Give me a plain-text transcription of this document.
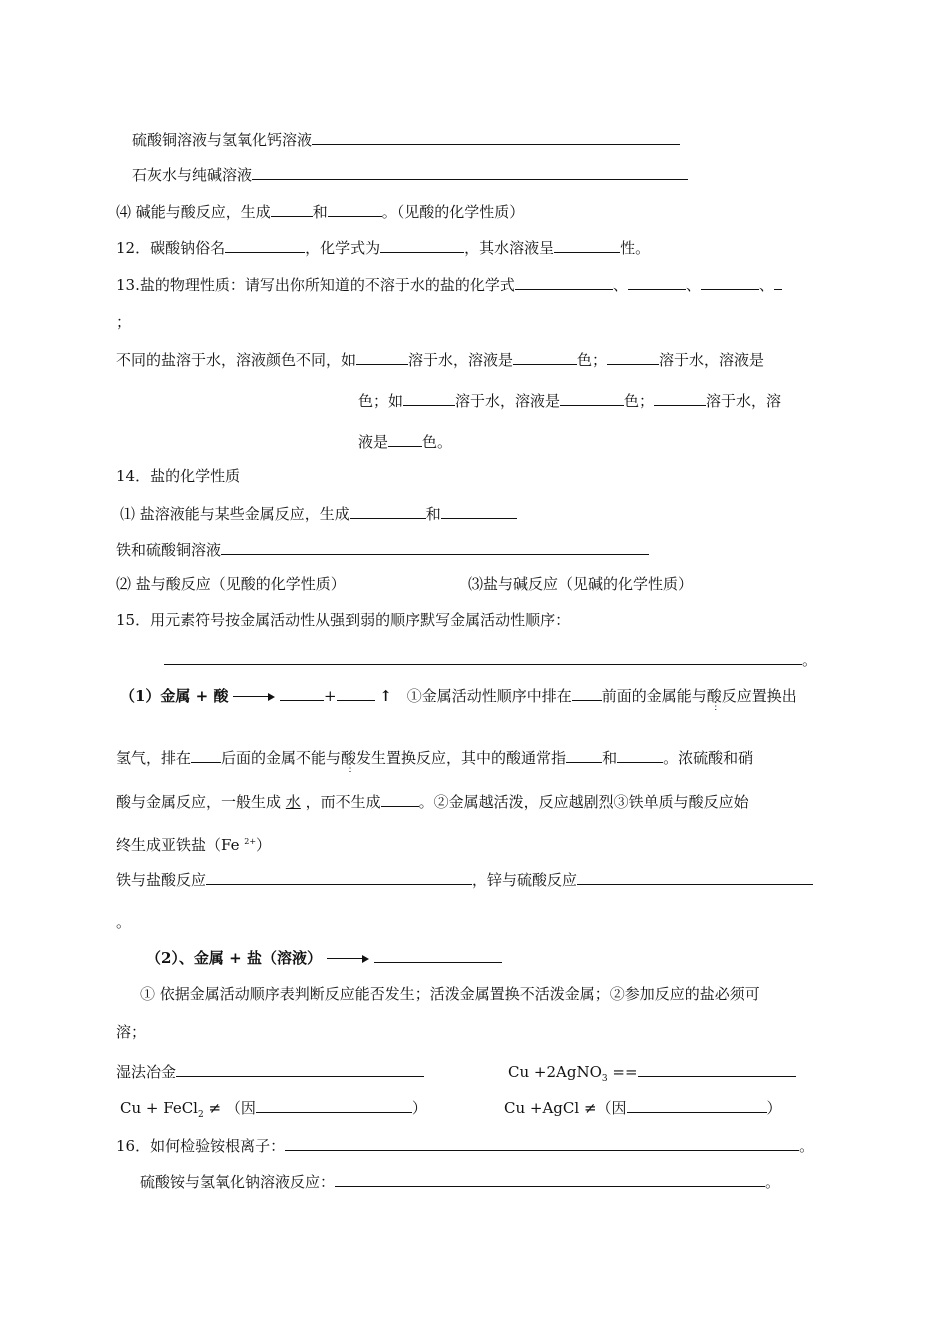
硫酸铜溶液与氢氧化钙溶液
石灰水与纯碱溶液
⑷ 碱能与酸反应，生成	和	。（见酸的化学性质）
12．碳酸钠俗名	，化学式为	，其水溶液呈	性。
13.盐的物理性质：请写出你所知道的不溶于水的盐的化学式	、	、	、
；
不同的盐溶于水，溶液颜色不同，如	溶于水，溶液是	色；	溶于水，溶液是
色；如	溶于水，溶液是	色；	溶于水，溶
液是 色。
14．盐的化学性质
⑴ 盐溶液能与某些金属反应，生成	和
铁和硫酸铜溶液
⑵ 盐与酸反应（见酸的化学性质）	⑶盐与碱反应（见碱的化学性质）
15．用元素符号按金属活动性从强到弱的顺序默写金属活动性顺序：
。
（1）金属 + 酸	+	↑ ①金属活动性顺序中排在 前面的金属能与酸 ⋮反应置换出
氢气，排在 后面的金属不能与酸 ⋮发生置换反应，其中的酸通常指 和	。浓硫酸和硝
酸与金属反应，一般生成 水 ，而不生成	。②金属越活泼，反应越剧烈③铁单质与酸反应始
终生成亚铁盐（Fe $^{2+}$）
铁与盐酸反应	，锌与硫酸反应
。
（2）、金属 + 盐（溶液）
① 依据金属活动顺序表判断反应能否发生；活泼金属置换不活泼金属；②参加反应的盐必须可
溶；
湿法冶金	Cu +2AgNO$_3$ ==
Cu + FeCl$_2$ ≠ （因	）	Cu +AgCl ≠（因	）
16．如何检验铵根离子：	。
硫酸铵与氢氧化钠溶液反应：	。
